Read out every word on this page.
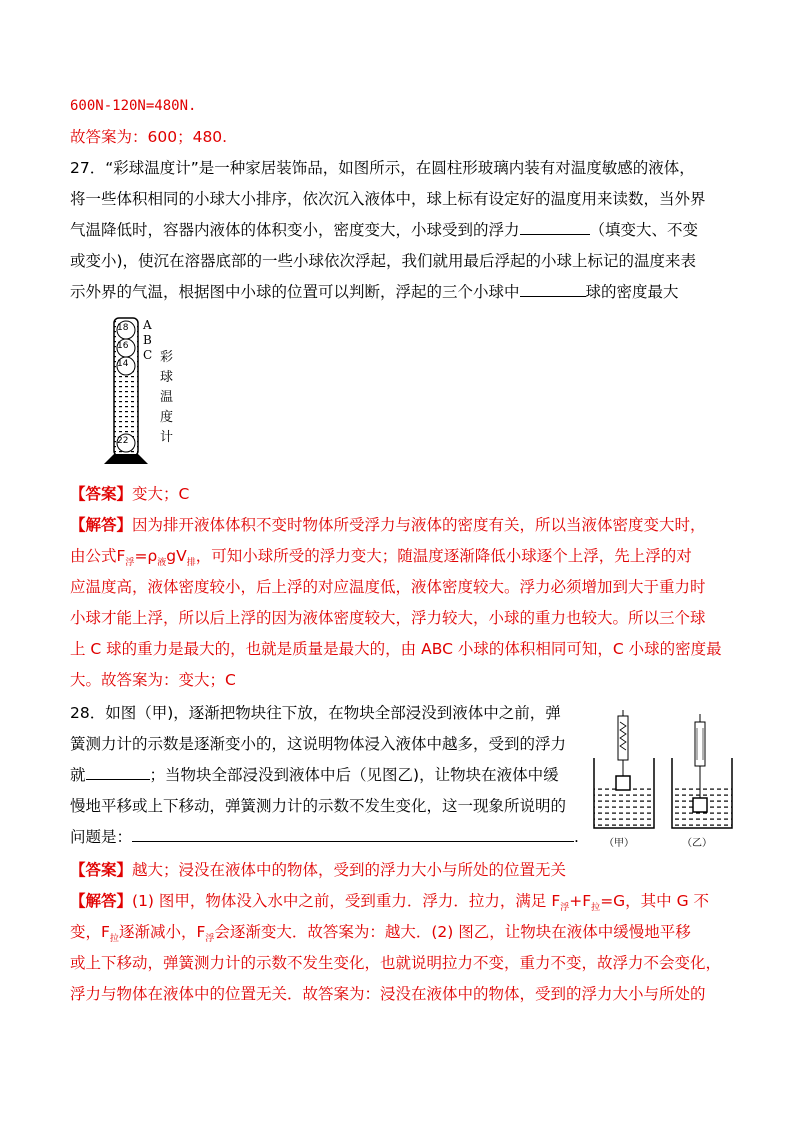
600N-120N=480N.
故答案为：600；480.
27．“彩球温度计”是一种家居装饰品，如图所示，在圆柱形玻璃内装有对温度敏感的液体，
将一些体积相同的小球大小排序，依次沉入液体中，球上标有设定好的温度用来读数，当外界
气温降低时，容器内液体的体积变小，密度变大，小球受到的浮力	（填变大、不变
或变小)，使沉在溶器底部的一些小球依次浮起，我们就用最后浮起的小球上标记的温度来表
示外界的气温，根据图中小球的位置可以判断，浮起的三个小球中	球的密度最大
18
16
14
22
A
B
C 彩
球
温
度
计
【答案】变大；C
【解答】因为排开液体体积不变时物体所受浮力与液体的密度有关，所以当液体密度变大时，
由公式$F_浮=\rho_液gV_排$，可知小球所受的浮力变大；随温度逐渐降低小球逐个上浮，先上浮的对
应温度高，液体密度较小，后上浮的对应温度低，液体密度较大。浮力必须增加到大于重力时
小球才能上浮，所以后上浮的因为液体密度较大，浮力较大，小球的重力也较大。所以三个球
上 C 球的重力是最大的，也就是质量是最大的，由 ABC 小球的体积相同可知，C 小球的密度最
大。故答案为：变大；C
28．如图（甲)，逐渐把物块往下放，在物块全部浸没到液体中之前，弹
簧测力计的示数是逐渐变小的，这说明物体浸入液体中越多，受到的浮力
就	；当物块全部浸没到液体中后（见图乙)，让物块在液体中缓
慢地平移或上下移动，弹簧测力计的示数不发生变化，这一现象所说明的
问题是：	.	（甲）	（乙）
【答案】越大；浸没在液体中的物体，受到的浮力大小与所处的位置无关
【解答】(1) 图甲，物体没入水中之前，受到重力．浮力．拉力，满足 $F_浮+F_拉=G$，其中 G 不
变，$F_拉$逐渐减小，$F_浮$会逐渐变大．故答案为：越大．(2) 图乙，让物块在液体中缓慢地平移
或上下移动，弹簧测力计的示数不发生变化，也就说明拉力不变，重力不变，故浮力不会变化，
浮力与物体在液体中的位置无关．故答案为：浸没在液体中的物体，受到的浮力大小与所处的
